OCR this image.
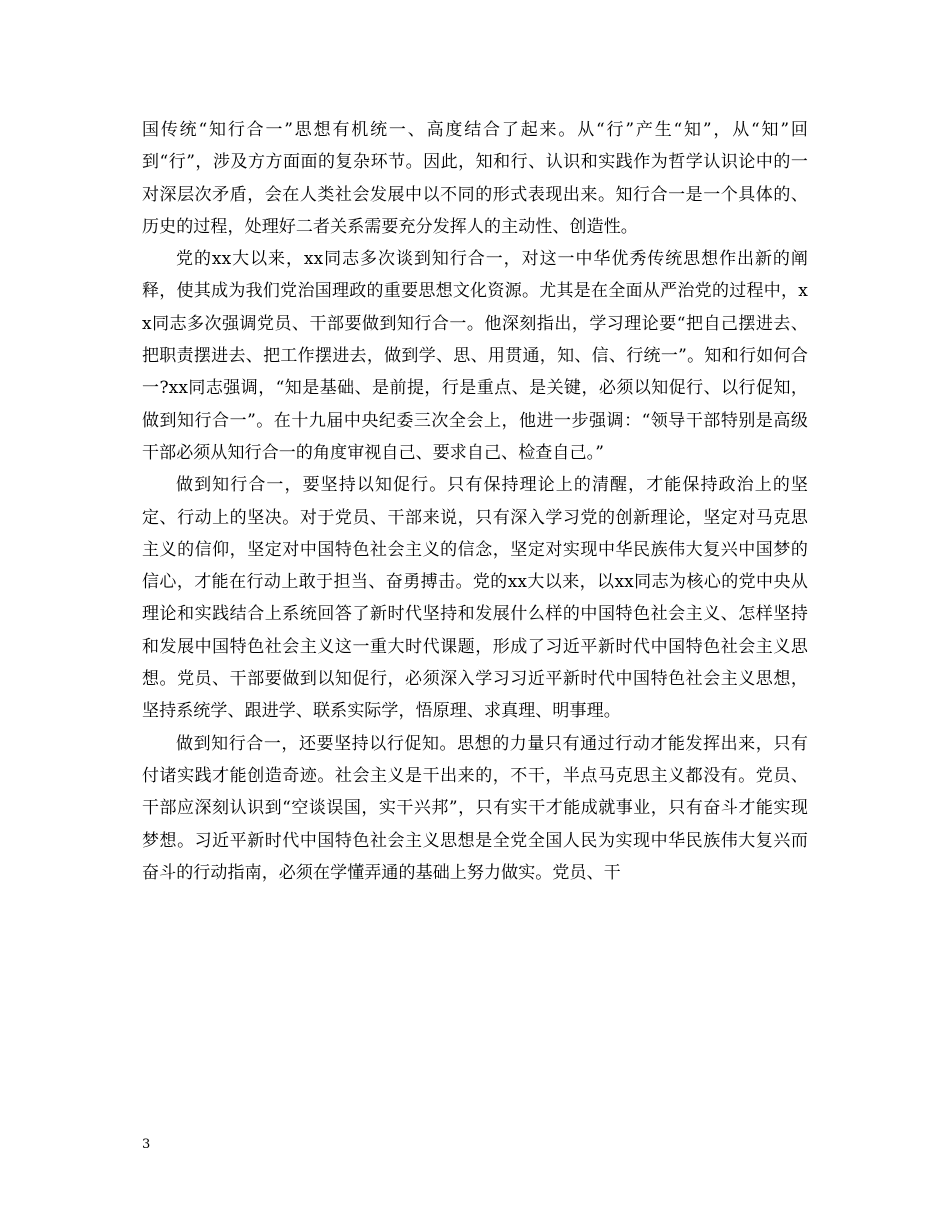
国传统“知行合一”思想有机统一、高度结合了起来。从“行”产生“知”，从“知”回到“行”，涉及方方面面的复杂环节。因此，知和行、认识和实践作为哲学认识论中的一对深层次矛盾，会在人类社会发展中以不同的形式表现出来。知行合一是一个具体的、历史的过程，处理好二者关系需要充分发挥人的主动性、创造性。

党的xx大以来，xx同志多次谈到知行合一，对这一中华优秀传统思想作出新的阐释，使其成为我们党治国理政的重要思想文化资源。尤其是在全面从严治党的过程中，xx同志多次强调党员、干部要做到知行合一。他深刻指出，学习理论要“把自己摆进去、把职责摆进去、把工作摆进去，做到学、思、用贯通，知、信、行统一”。知和行如何合一?xx同志强调，“知是基础、是前提，行是重点、是关键，必须以知促行、以行促知，做到知行合一”。在十九届中央纪委三次全会上，他进一步强调：“领导干部特别是高级干部必须从知行合一的角度审视自己、要求自己、检查自己。”

做到知行合一，要坚持以知促行。只有保持理论上的清醒，才能保持政治上的坚定、行动上的坚决。对于党员、干部来说，只有深入学习党的创新理论，坚定对马克思主义的信仰，坚定对中国特色社会主义的信念，坚定对实现中华民族伟大复兴中国梦的信心，才能在行动上敢于担当、奋勇搏击。党的xx大以来，以xx同志为核心的党中央从理论和实践结合上系统回答了新时代坚持和发展什么样的中国特色社会主义、怎样坚持和发展中国特色社会主义这一重大时代课题，形成了习近平新时代中国特色社会主义思想。党员、干部要做到以知促行，必须深入学习习近平新时代中国特色社会主义思想，坚持系统学、跟进学、联系实际学，悟原理、求真理、明事理。

做到知行合一，还要坚持以行促知。思想的力量只有通过行动才能发挥出来，只有付诸实践才能创造奇迹。社会主义是干出来的，不干，半点马克思主义都没有。党员、干部应深刻认识到“空谈误国，实干兴邦”，只有实干才能成就事业，只有奋斗才能实现梦想。习近平新时代中国特色社会主义思想是全党全国人民为实现中华民族伟大复兴而奋斗的行动指南，必须在学懂弄通的基础上努力做实。党员、干

3
